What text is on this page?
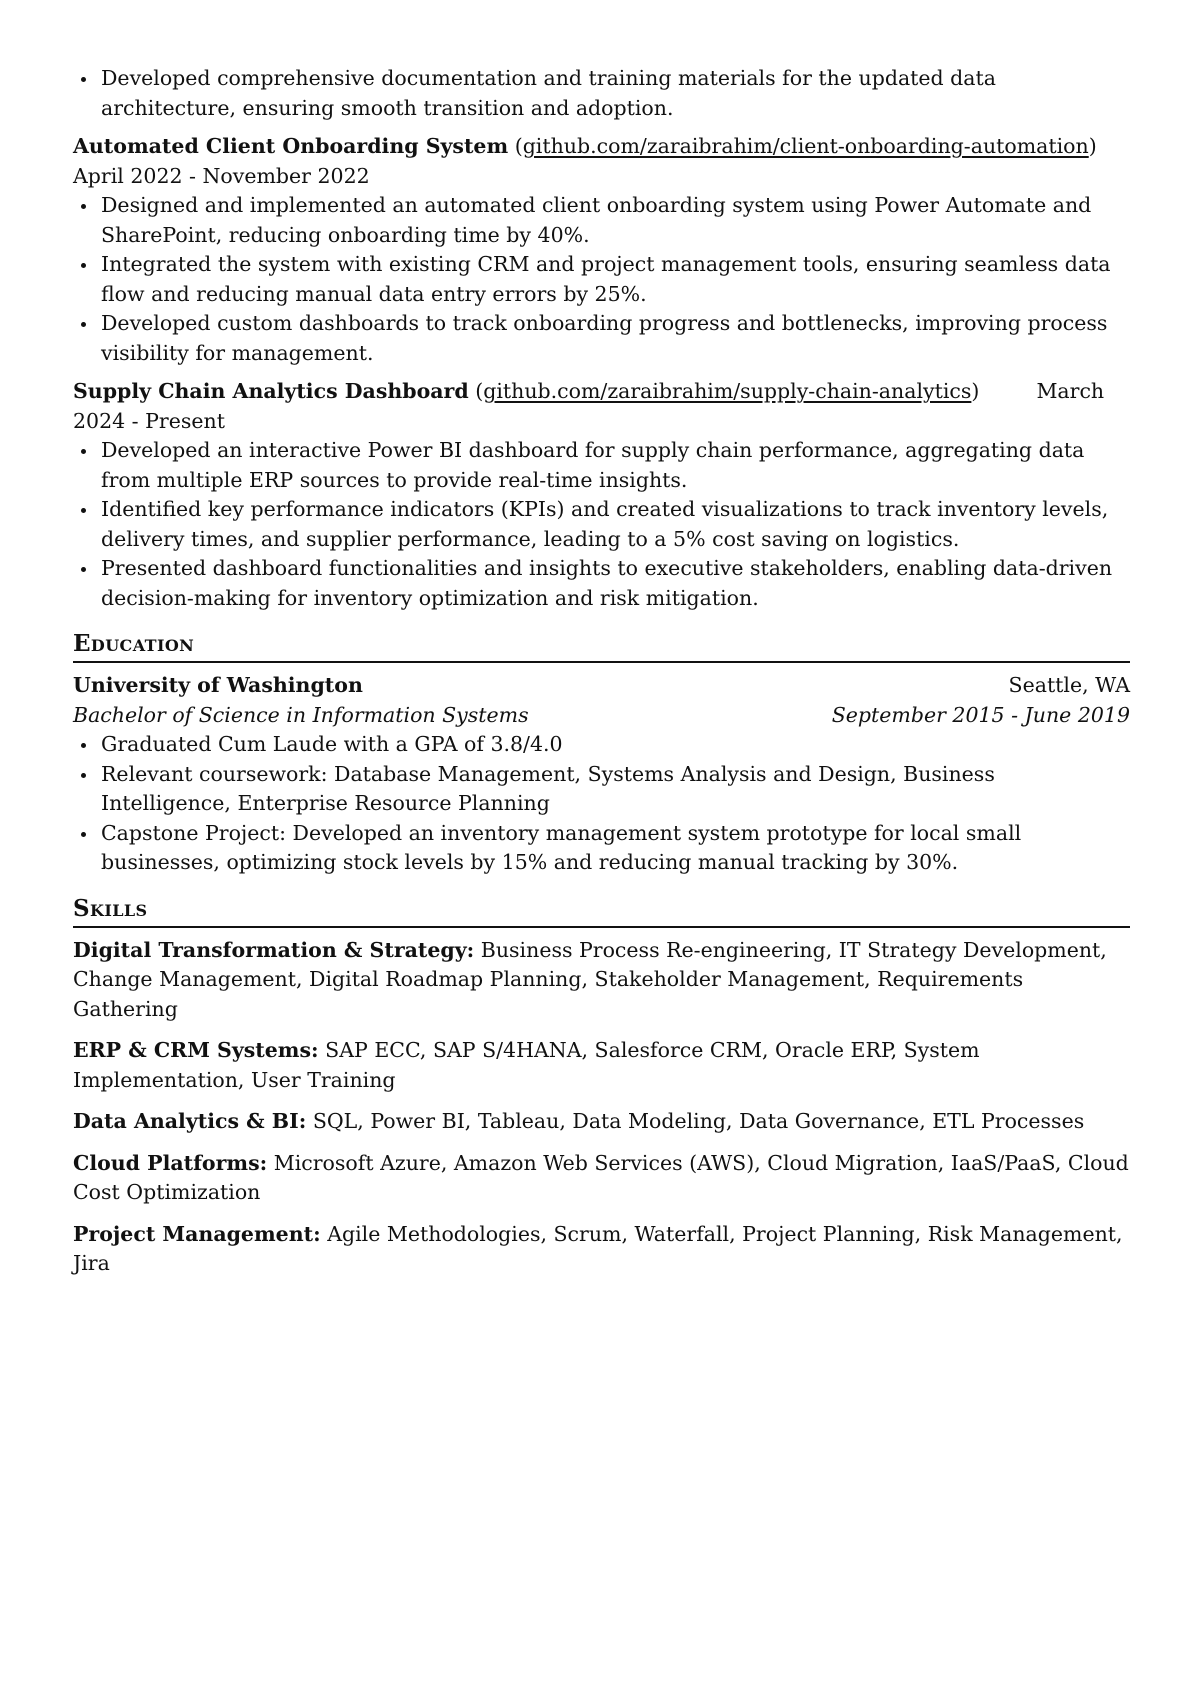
Developed comprehensive documentation and training materials for the updated data architecture, ensuring smooth transition and adoption.
Automated Client Onboarding System (github.com/zaraibrahim/client-onboarding-automation)  April 2022 - November 2022
Designed and implemented an automated client onboarding system using Power Automate and SharePoint, reducing onboarding time by 40%.
Integrated the system with existing CRM and project management tools, ensuring seamless data flow and reducing manual data entry errors by 25%.
Developed custom dashboards to track onboarding progress and bottlenecks, improving process visibility for management.
Supply Chain Analytics Dashboard (github.com/zaraibrahim/supply-chain-analytics)  March 2024 - Present
Developed an interactive Power BI dashboard for supply chain performance, aggregating data from multiple ERP sources to provide real-time insights.
Identified key performance indicators (KPIs) and created visualizations to track inventory levels, delivery times, and supplier performance, leading to a 5% cost saving on logistics.
Presented dashboard functionalities and insights to executive stakeholders, enabling data-driven decision-making for inventory optimization and risk mitigation.
Education
University of Washington	Seattle, WA
Bachelor of Science in Information Systems	September 2015 - June 2019
Graduated Cum Laude with a GPA of 3.8/4.0
Relevant coursework: Database Management, Systems Analysis and Design, Business Intelligence, Enterprise Resource Planning
Capstone Project: Developed an inventory management system prototype for local small businesses, optimizing stock levels by 15% and reducing manual tracking by 30%.
Skills
Digital Transformation & Strategy: Business Process Re-engineering, IT Strategy Development, Change Management, Digital Roadmap Planning, Stakeholder Management, Requirements Gathering
ERP & CRM Systems: SAP ECC, SAP S/4HANA, Salesforce CRM, Oracle ERP, System Implementation, User Training
Data Analytics & BI: SQL, Power BI, Tableau, Data Modeling, Data Governance, ETL Processes
Cloud Platforms: Microsoft Azure, Amazon Web Services (AWS), Cloud Migration, IaaS/PaaS, Cloud Cost Optimization
Project Management: Agile Methodologies, Scrum, Waterfall, Project Planning, Risk Management, Jira
